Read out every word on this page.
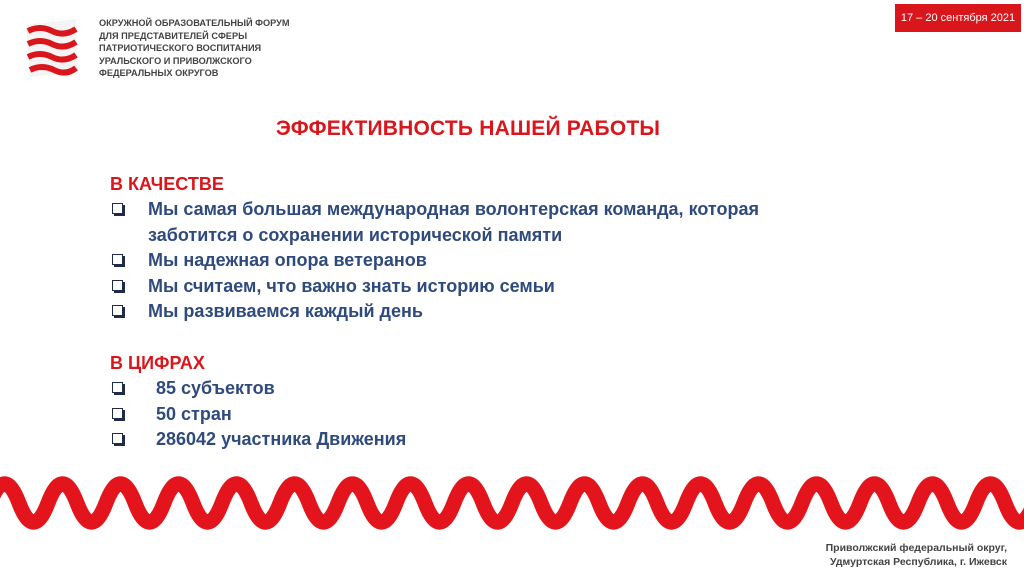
ОКРУЖНОЙ ОБРАЗОВАТЕЛЬНЫЙ ФОРУМ
ДЛЯ ПРЕДСТАВИТЕЛЕЙ СФЕРЫ
ПАТРИОТИЧЕСКОГО ВОСПИТАНИЯ
УРАЛЬСКОГО И ПРИВОЛЖСКОГО
ФЕДЕРАЛЬНЫХ ОКРУГОВ
17 – 20 сентября 2021
ЭФФЕКТИВНОСТЬ НАШЕЙ РАБОТЫ
В КАЧЕСТВЕ
Мы самая большая международная волонтерская команда, которая заботится о сохранении исторической памяти
Мы надежная опора ветеранов
Мы считаем, что важно знать историю семьи
Мы развиваемся каждый день
В ЦИФРАХ
85 субъектов
50 стран
286042 участника Движения
Приволжский федеральный округ,
Удмуртская Республика, г. Ижевск
